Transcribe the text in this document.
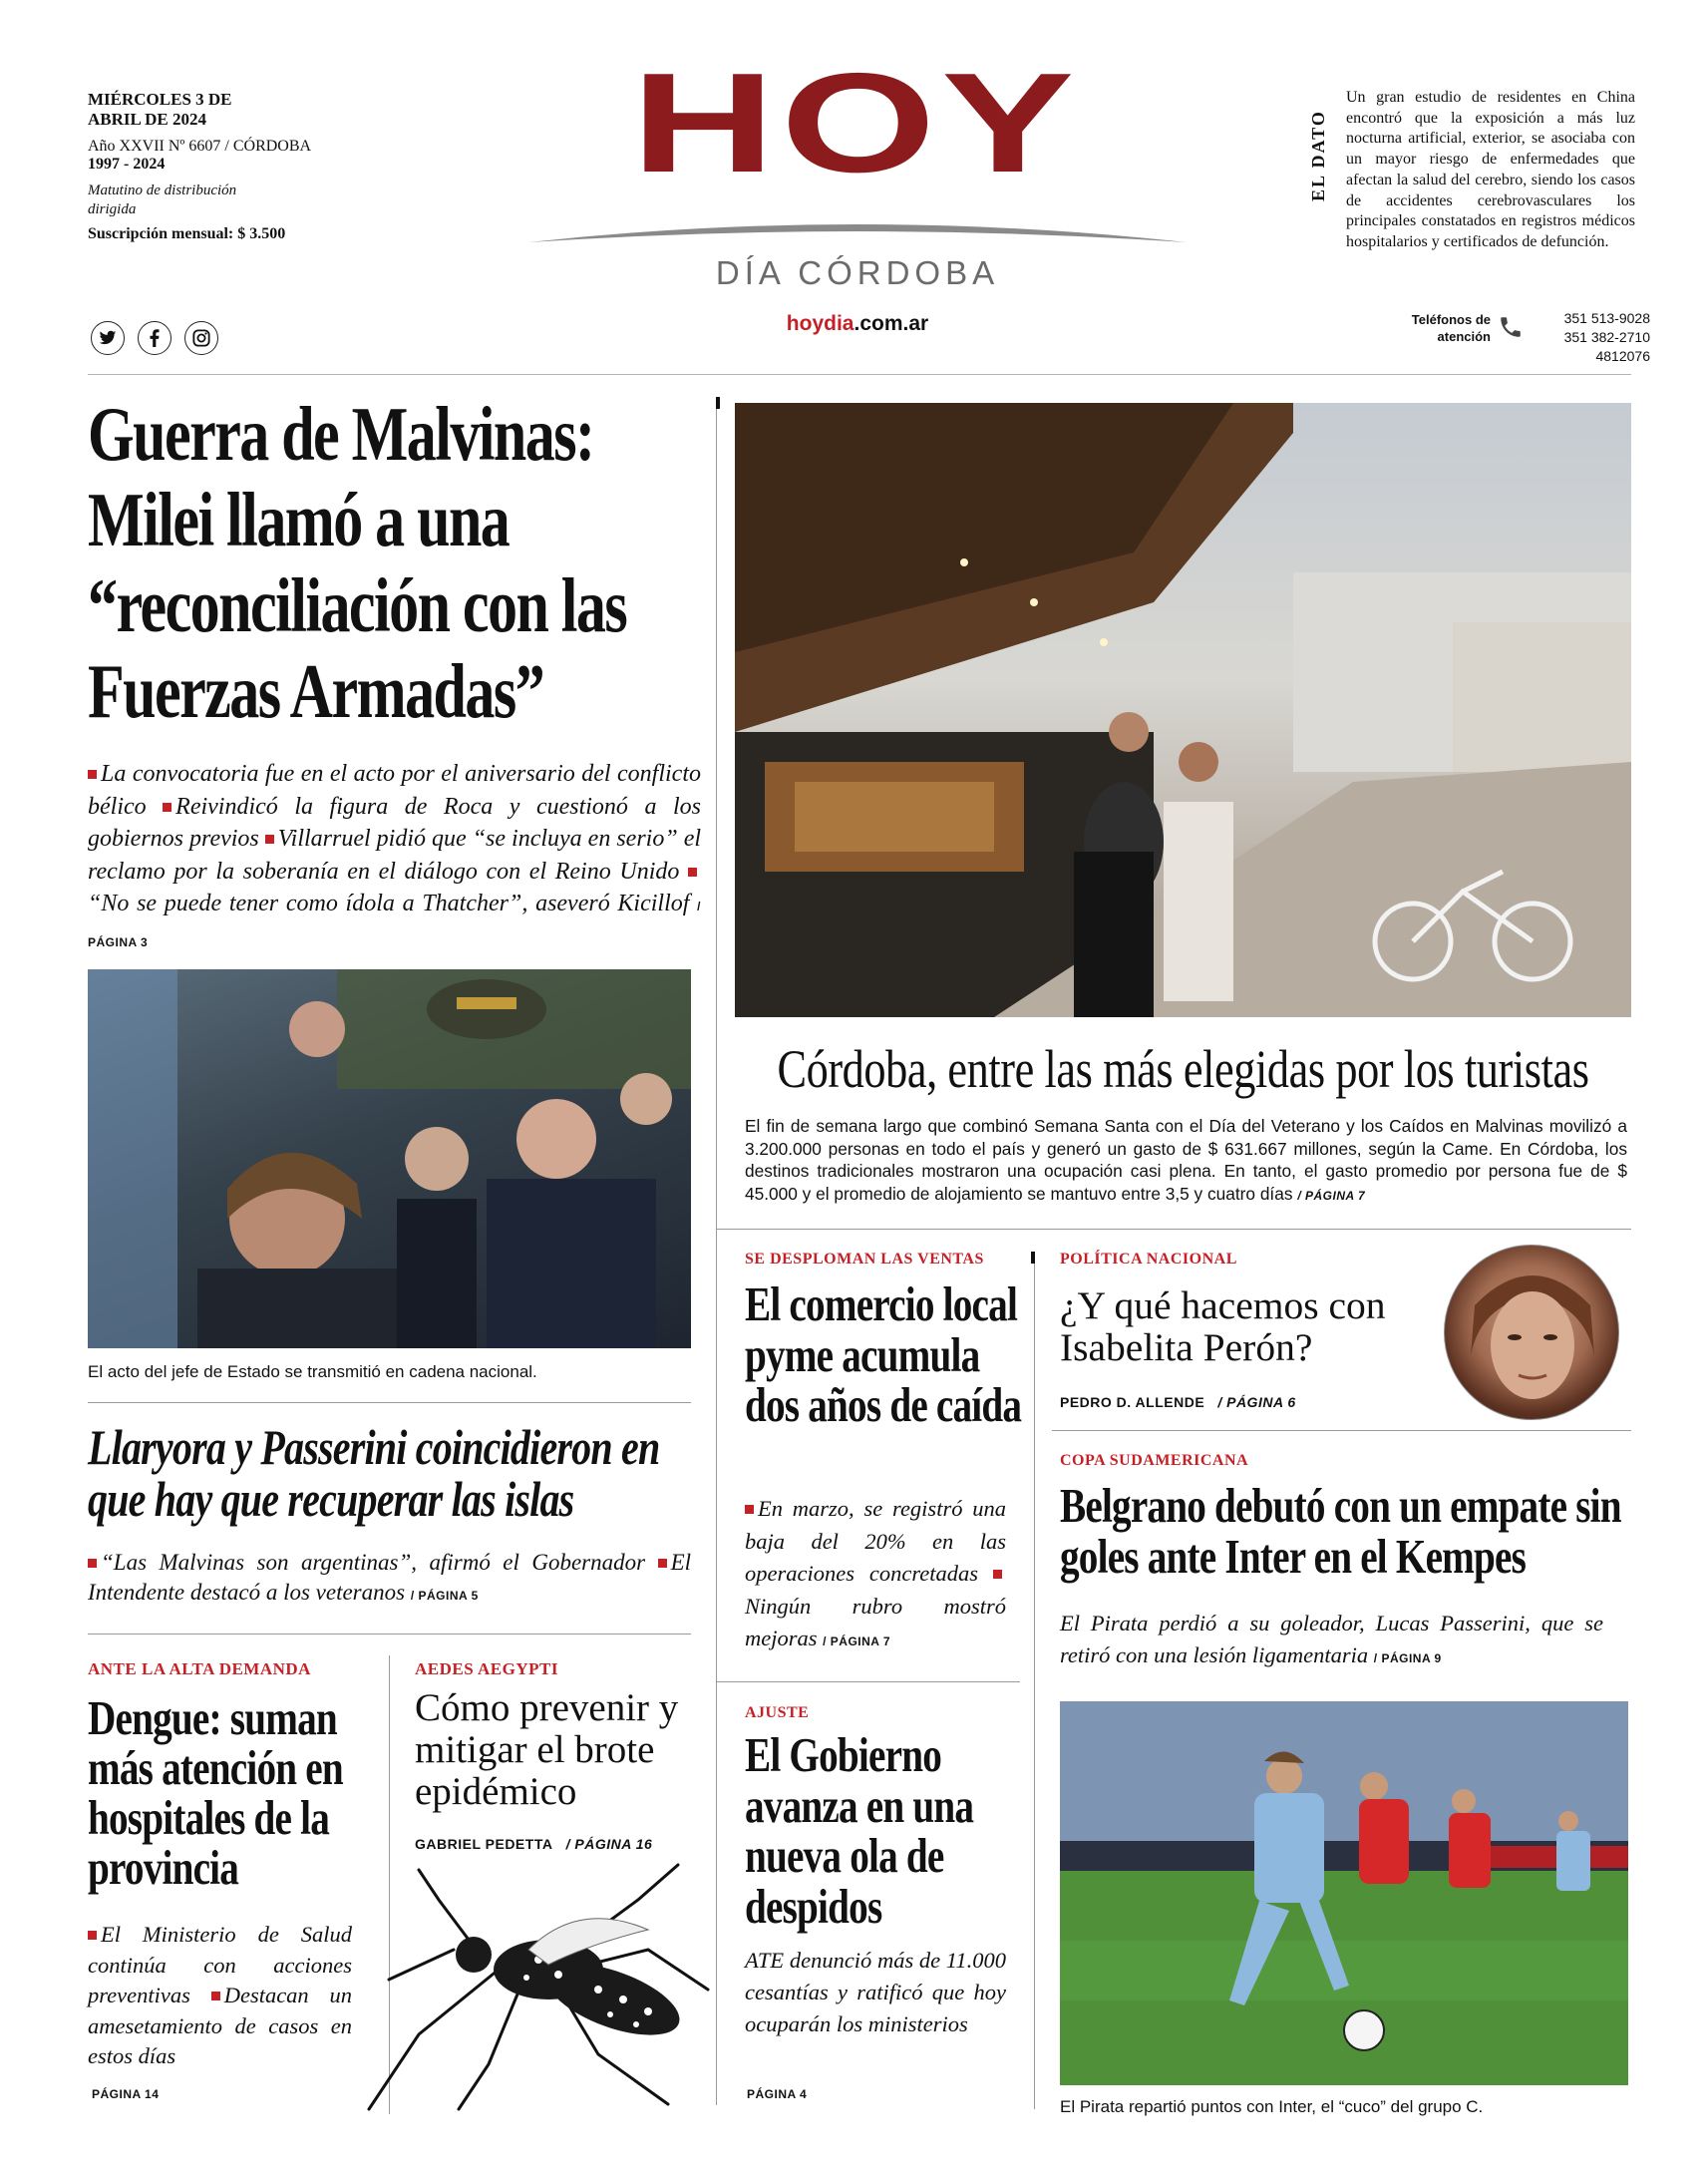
MIÉRCOLES 3 DE ABRIL DE 2024
Año XXVII Nº 6607 / CÓRDOBA
1997 - 2024
Matutino de distribución dirigida
Suscripción mensual: $ 3.500
HOY
DÍA CÓRDOBA
hoydia.com.ar
EL DATO
Un gran estudio de residentes en China encontró que la exposición a más luz nocturna artificial, exterior, se asociaba con un mayor riesgo de enfermedades que afectan la salud del cerebro, siendo los casos de accidentes cerebrovasculares los principales constatados en registros médicos hospitalarios y certificados de defunción.
Teléfonos de atención
351 513-9028
351 382-2710
4812076
Guerra de Malvinas: Milei llamó a una “reconciliación con las Fuerzas Armadas”
La convocatoria fue en el acto por el aniversario del conflicto bélico Reivindicó la figura de Roca y cuestionó a los gobiernos previos Villarruel pidió que “se incluya en serio” el reclamo por la soberanía en el diálogo con el Reino Unido “No se puede tener como ídola a Thatcher”, aseveró Kicillof / PÁGINA 3
El acto del jefe de Estado se transmitió en cadena nacional.
Llaryora y Passerini coincidieron en que hay que recuperar las islas
“Las Malvinas son argentinas”, afirmó el Gobernador El Intendente destacó a los veteranos / PÁGINA 5
ANTE LA ALTA DEMANDA
Dengue: suman más atención en hospitales de la provincia
El Ministerio de Salud continúa con acciones preventivas Destacan un amesetamiento de casos en estos días
PÁGINA 14
AEDES AEGYPTI
Cómo prevenir y mitigar el brote epidémico
GABRIEL PEDETTA / PÁGINA 16
Córdoba, entre las más elegidas por los turistas
El fin de semana largo que combinó Semana Santa con el Día del Veterano y los Caídos en Malvinas movilizó a 3.200.000 personas en todo el país y generó un gasto de $ 631.667 millones, según la Came. En Córdoba, los destinos tradicionales mostraron una ocupación casi plena. En tanto, el gasto promedio por persona fue de $ 45.000 y el promedio de alojamiento se mantuvo entre 3,5 y cuatro días / PÁGINA 7
SE DESPLOMAN LAS VENTAS
El comercio local pyme acumula dos años de caída
En marzo, se registró una baja del 20% en las operaciones concretadas Ningún rubro mostró mejoras / PÁGINA 7
AJUSTE
El Gobierno avanza en una nueva ola de despidos
ATE denunció más de 11.000 cesantías y ratificó que hoy ocuparán los ministerios
PÁGINA 4
POLÍTICA NACIONAL
¿Y qué hacemos con Isabelita Perón?
PEDRO D. ALLENDE / PÁGINA 6
COPA SUDAMERICANA
Belgrano debutó con un empate sin goles ante Inter en el Kempes
El Pirata perdió a su goleador, Lucas Passerini, que se retiró con una lesión ligamentaria / PÁGINA 9
El Pirata repartió puntos con Inter, el “cuco” del grupo C.
